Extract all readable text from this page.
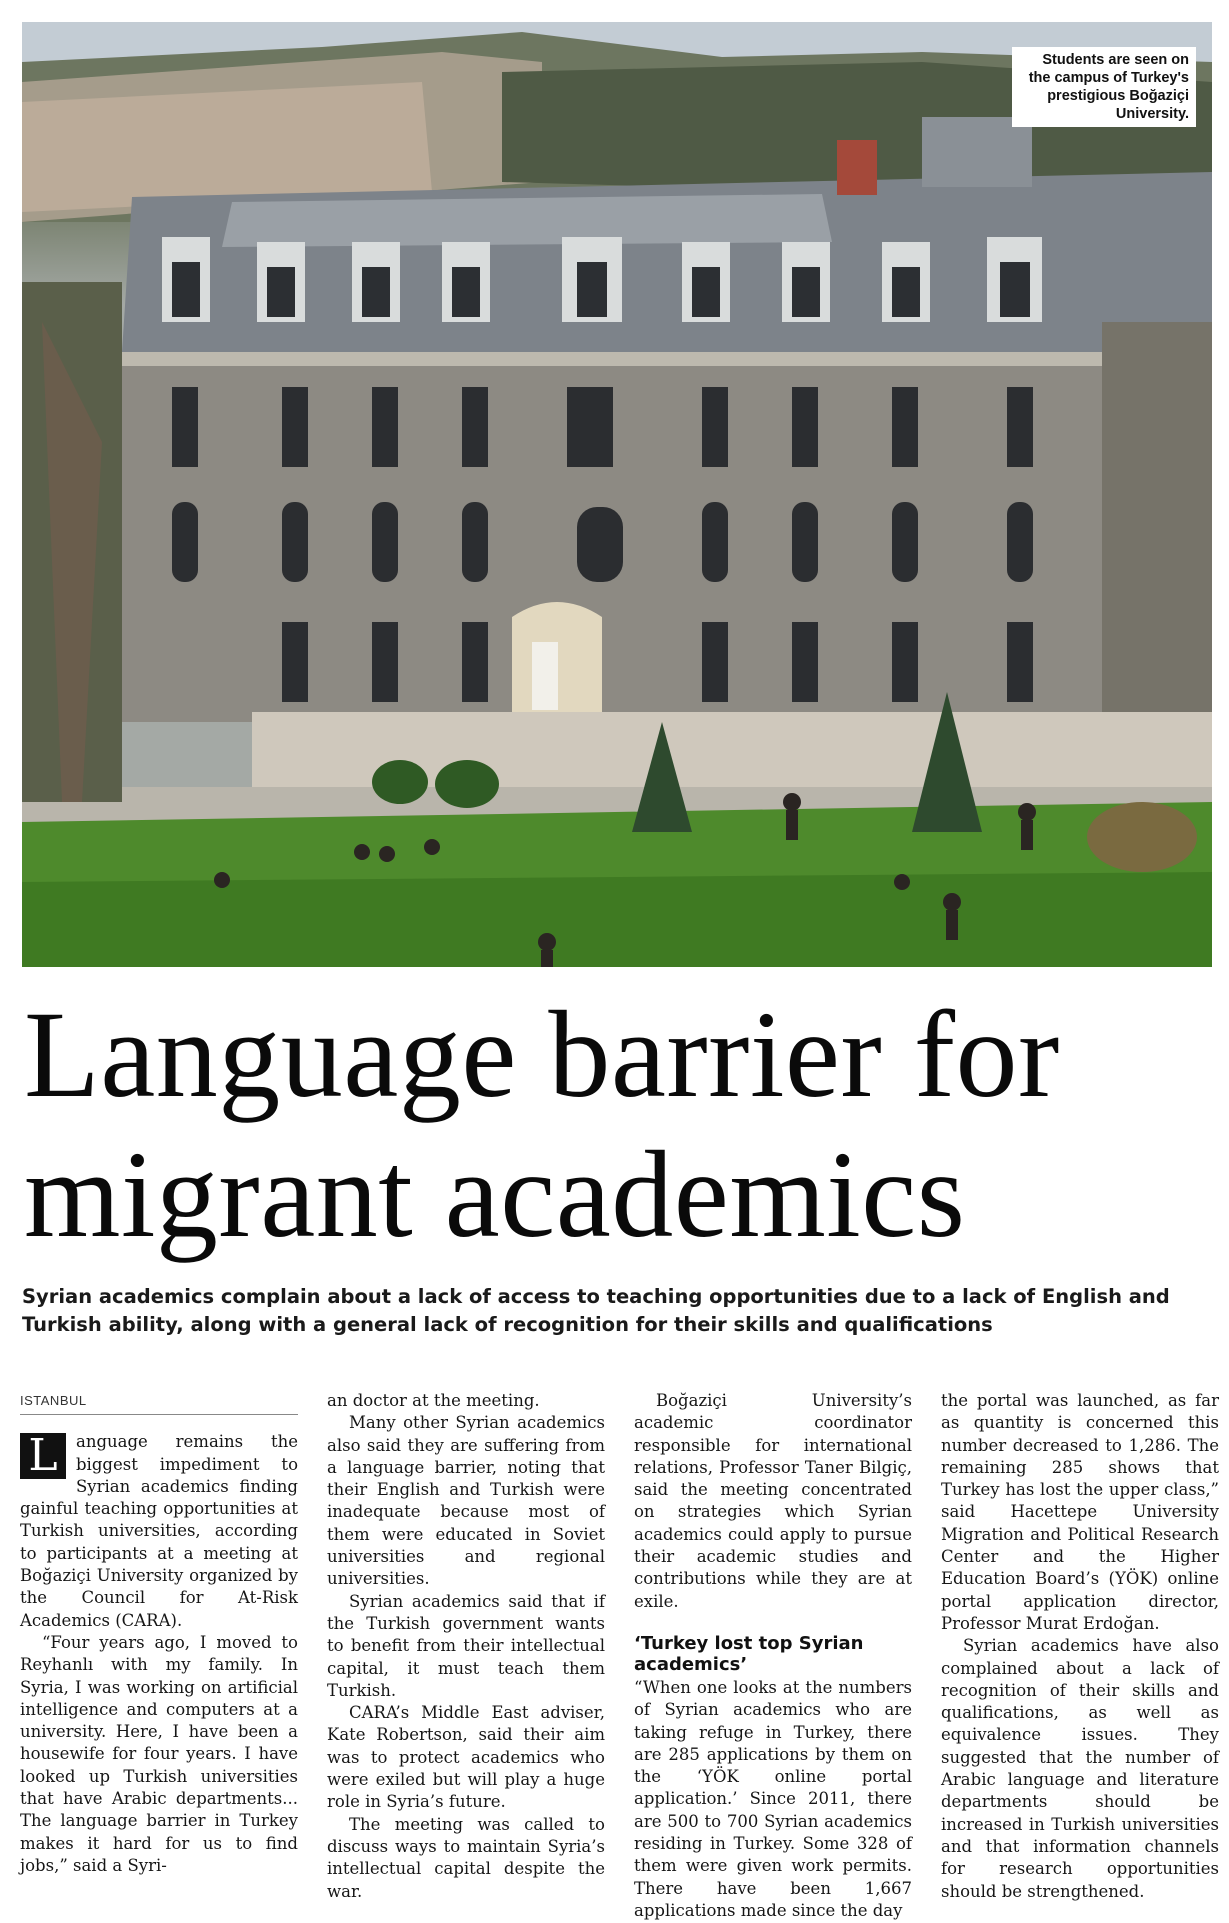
Students are seen on the campus of Turkey's prestigious Boğaziçi University.
Language barrier for migrant academics

Syrian academics complain about a lack of access to teaching opportunities due to a lack of English and Turkish ability, along with a general lack of recognition for their skills and qualifications

ISTANBUL

L	anguage remains the biggest impediment to Syrian academics finding gainful teaching opportunities at Turkish universities, according to participants at a meeting at Boğaziçi University organized by the Council for At-Risk Academics (CARA).

“Four years ago, I moved to Reyhanlı with my family. In Syria, I was working on artificial intelligence and computers at a university. Here, I have been a housewife for four years. I have looked up Turkish universities that have Arabic departments... The language barrier in Turkey makes it hard for us to find jobs,” said a Syri-

an doctor at the meeting.

Many other Syrian academics also said they are suffering from a language barrier, noting that their English and Turkish were inadequate because most of them were educated in Soviet universities and regional universities.

Syrian academics said that if the Turkish government wants to benefit from their intellectual capital, it must teach them Turkish.

CARA’s Middle East adviser, Kate Robertson, said their aim was to protect academics who were exiled but will play a huge role in Syria’s future.

The meeting was called to discuss ways to maintain Syria’s intellectual capital despite the war.

Boğaziçi University’s academic coordinator responsible for international relations, Professor Taner Bilgiç, said the meeting concentrated on strategies which Syrian academics could apply to pursue their academic studies and contributions while they are at exile.

‘Turkey lost top Syrian academics’

“When one looks at the numbers of Syrian academics who are taking refuge in Turkey, there are 285 applications by them on the ‘YÖK online portal application.’ Since 2011, there are 500 to 700 Syrian academics residing in Turkey. Some 328 of them were given work permits. There have been 1,667 applications made since the day

the portal was launched, as far as quantity is concerned this number decreased to 1,286. The remaining 285 shows that Turkey has lost the upper class,” said Hacettepe University Migration and Political Research Center and the Higher Education Board’s (YÖK) online portal application director, Professor Murat Erdoğan.

Syrian academics have also complained about a lack of recognition of their skills and qualifications, as well as equivalence issues. They suggested that the number of Arabic language and literature departments should be increased in Turkish universities and that information channels for research opportunities should be strengthened.
